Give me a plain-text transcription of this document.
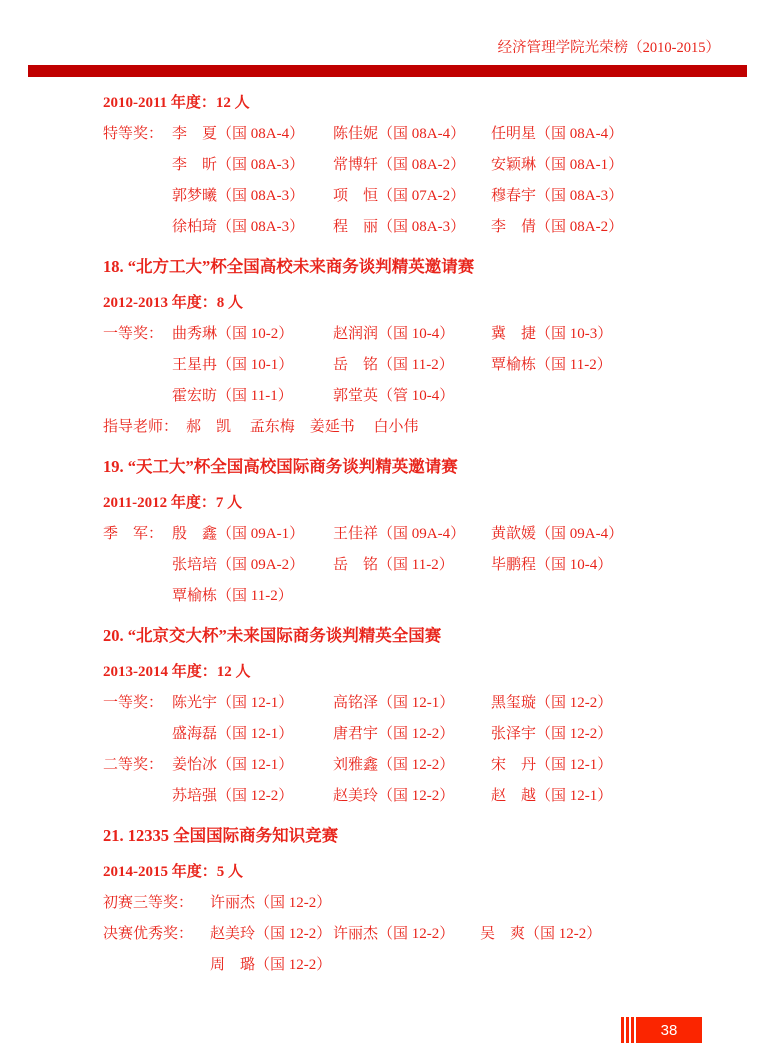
经济管理学院光荣榜（2010-2015）
2010-2011 年度：12 人
特等奖： 李　夏（国 08A-4）	陈佳妮（国 08A-4）	任明星（国 08A-4）
李　昕（国 08A-3）	常博轩（国 08A-2）	安颖琳（国 08A-1）
郭梦曦（国 08A-3）	项　恒（国 07A-2）	穆春宇（国 08A-3）
徐柏琦（国 08A-3）	程　丽（国 08A-3）	李　倩（国 08A-2）
18. “北方工大”杯全国高校未来商务谈判精英邀请赛
2012-2013 年度：8 人
一等奖： 曲秀琳（国 10-2）	赵润润（国 10-4）	冀　捷（国 10-3）
王星冉（国 10-1）	岳　铭（国 11-2）	覃榆栋（国 11-2）
霍宏昉（国 11-1）	郭堂英（管 10-4）
指导老师： 郝　凯　 孟东梅　姜延书　 白小伟
19. “天工大”杯全国高校国际商务谈判精英邀请赛
2011-2012 年度：7 人
季　军： 殷　鑫（国 09A-1）	王佳祥（国 09A-4）	黄歆媛（国 09A-4）
张培培（国 09A-2）	岳　铭（国 11-2）	毕鹏程（国 10-4）
覃榆栋（国 11-2）
20. “北京交大杯”未来国际商务谈判精英全国赛
2013-2014 年度：12 人
一等奖： 陈光宇（国 12-1）	高铭泽（国 12-1）	黑玺璇（国 12-2）
盛海磊（国 12-1）	唐君宇（国 12-2）	张泽宇（国 12-2）
二等奖： 姜怡冰（国 12-1）	刘雅鑫（国 12-2）	宋　丹（国 12-1）
苏培强（国 12-2）	赵美玲（国 12-2）	赵　越（国 12-1）
21. 12335 全国国际商务知识竞赛
2014-2015 年度：5 人
初赛三等奖：	许丽杰（国 12-2）
决赛优秀奖：	赵美玲（国 12-2） 许丽杰（国 12-2）	吴　爽（国 12-2）
周　璐（国 12-2）
38
